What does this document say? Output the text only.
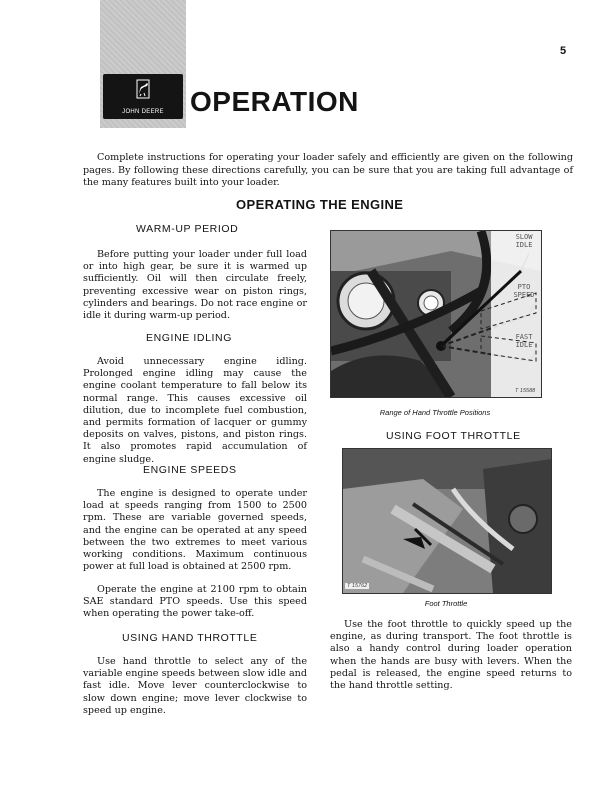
JOHN DEERE
5
OPERATION

Complete instructions for operating your loader safely and efficiently are given on the following pages. By following these directions carefully, you can be sure that you are taking full advantage of the many features built into your loader.

OPERATING THE ENGINE
WARM-UP PERIOD

Before putting your loader under full load or into high gear, be sure it is warmed up sufficiently. Oil will then circulate freely, preventing excessive wear on piston rings, cylinders and bearings. Do not race engine or idle it during warm-up period.

ENGINE IDLING

Avoid unnecessary engine idling. Prolonged engine idling may cause the engine coolant temperature to fall below its normal range. This causes excessive oil dilution, due to incomplete fuel combustion, and permits formation of lacquer or gummy deposits on valves, pistons, and piston rings. It also promotes rapid accumulation of engine sludge.

ENGINE SPEEDS

The engine is designed to operate under load at speeds ranging from 1500 to 2500 rpm. These are variable governed speeds, and the engine can be operated at any speed between the two extremes to meet various working conditions. Maximum continuous power at full load is obtained at 2500 rpm.

Operate the engine at 2100 rpm to obtain SAE standard PTO speeds. Use this speed when operating the power take-off.

USING HAND THROTTLE

Use hand throttle to select any of the variable engine speeds between slow idle and fast idle. Move lever counterclockwise to slow down engine; move lever clockwise to speed up engine.

SLOW
IDLE
PTO
SPEED
FAST
IDLE
T 15588
Range of Hand Throttle Positions
USING FOOT THROTTLE
T 15762
Foot Throttle

Use the foot throttle to quickly speed up the engine, as during transport. The foot throttle is also a handy control during loader operation when the hands are busy with levers. When the pedal is released, the engine speed returns to the hand throttle setting.
